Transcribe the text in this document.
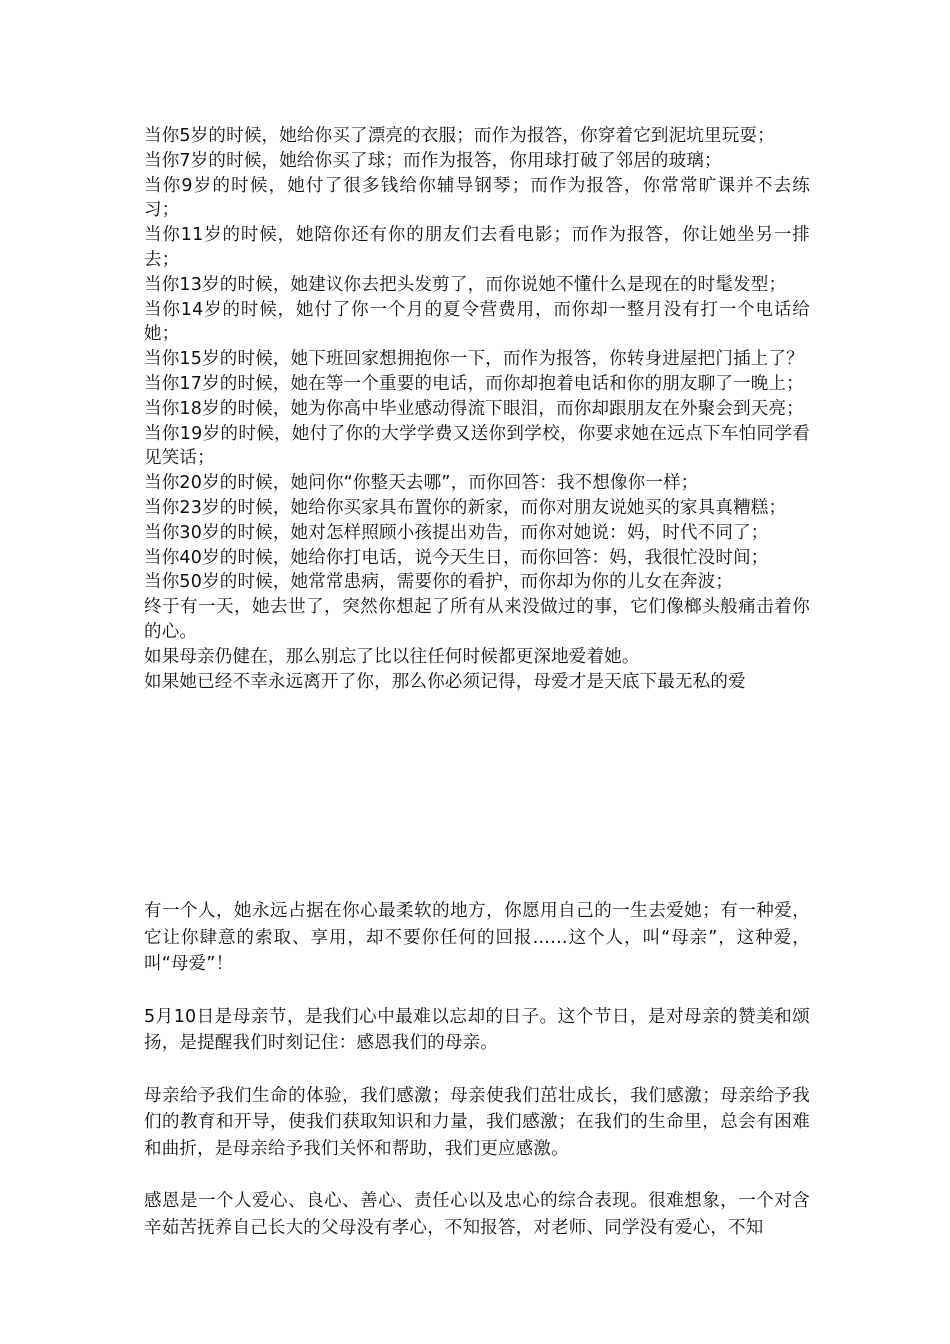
当你5岁的时候，她给你买了漂亮的衣服；而作为报答，你穿着它到泥坑里玩耍；

当你7岁的时候，她给你买了球；而作为报答，你用球打破了邻居的玻璃；

当你9岁的时候，她付了很多钱给你辅导钢琴；而作为报答，你常常旷课并不去练习；

当你11岁的时候，她陪你还有你的朋友们去看电影；而作为报答，你让她坐另一排去；

当你13岁的时候，她建议你去把头发剪了，而你说她不懂什么是现在的时髦发型；

当你14岁的时候，她付了你一个月的夏令营费用，而你却一整月没有打一个电话给她；

当你15岁的时候，她下班回家想拥抱你一下，而作为报答，你转身进屋把门插上了？

当你17岁的时候，她在等一个重要的电话，而你却抱着电话和你的朋友聊了一晚上；

当你18岁的时候，她为你高中毕业感动得流下眼泪，而你却跟朋友在外聚会到天亮；

当你19岁的时候，她付了你的大学学费又送你到学校，你要求她在远点下车怕同学看见笑话；

当你20岁的时候，她问你“你整天去哪”，而你回答：我不想像你一样；

当你23岁的时候，她给你买家具布置你的新家，而你对朋友说她买的家具真糟糕；

当你30岁的时候，她对怎样照顾小孩提出劝告，而你对她说：妈，时代不同了；

当你40岁的时候，她给你打电话，说今天生日，而你回答：妈，我很忙没时间；

当你50岁的时候，她常常患病，需要你的看护，而你却为你的儿女在奔波；

终于有一天，她去世了，突然你想起了所有从来没做过的事，它们像榔头般痛击着你的心。

如果母亲仍健在，那么别忘了比以往任何时候都更深地爱着她。

如果她已经不幸永远离开了你，那么你必须记得，母爱才是天底下最无私的爱

有一个人，她永远占据在你心最柔软的地方，你愿用自己的一生去爱她；有一种爱，它让你肆意的索取、享用，却不要你任何的回报……这个人，叫“母亲”，这种爱，叫“母爱”！

5月10日是母亲节，是我们心中最难以忘却的日子。这个节日，是对母亲的赞美和颂扬，是提醒我们时刻记住：感恩我们的母亲。

母亲给予我们生命的体验，我们感激；母亲使我们茁壮成长，我们感激；母亲给予我们的教育和开导，使我们获取知识和力量，我们感激；在我们的生命里，总会有困难和曲折，是母亲给予我们关怀和帮助，我们更应感激。

感恩是一个人爱心、良心、善心、责任心以及忠心的综合表现。很难想象，一个对含辛茹苦抚养自己长大的父母没有孝心，不知报答，对老师、同学没有爱心，不知
